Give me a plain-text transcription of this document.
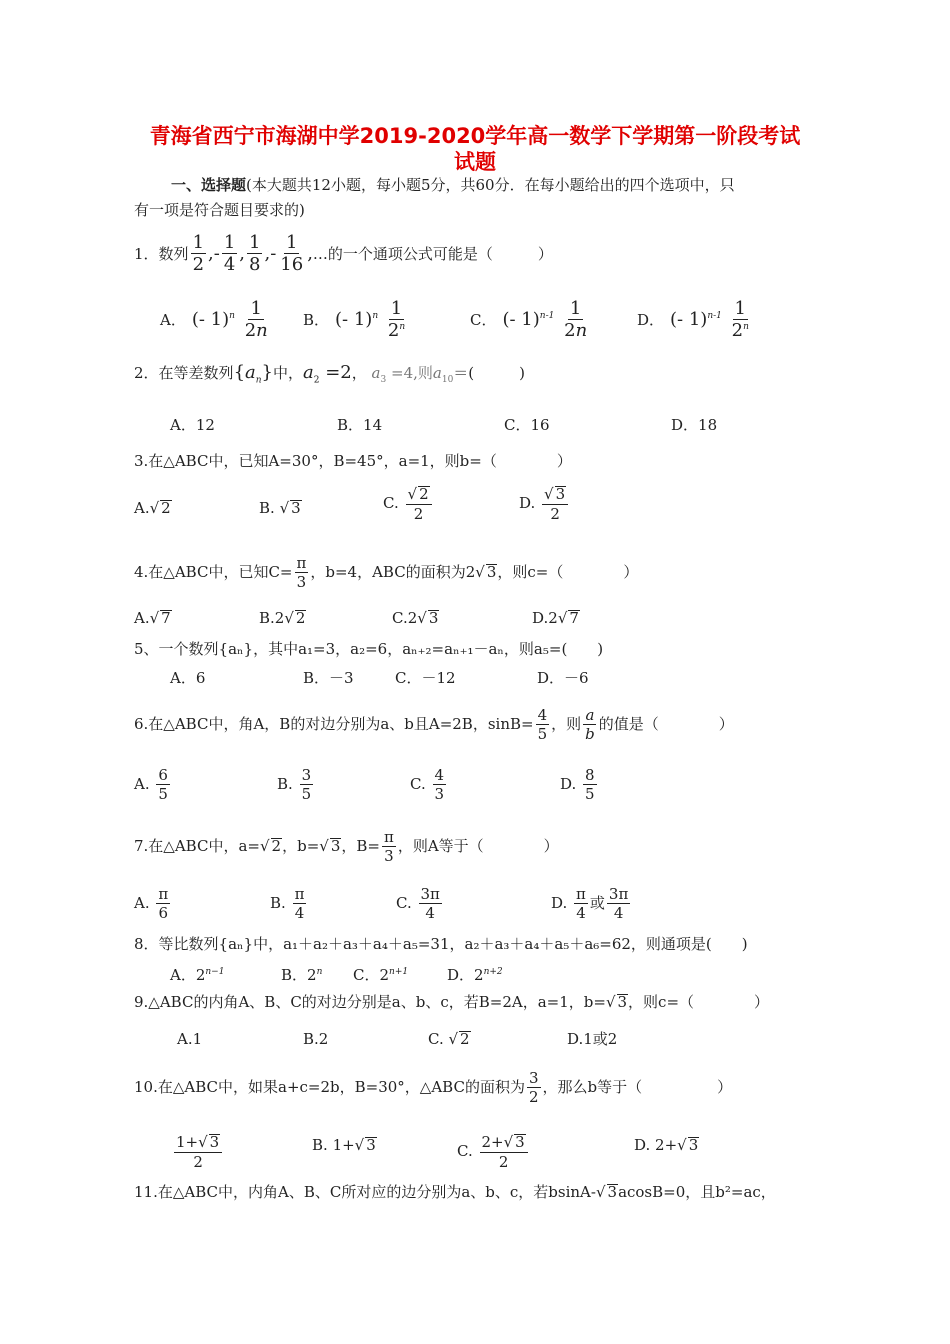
青海省西宁市海湖中学2019-2020学年高一数学下学期第一阶段考试
试题
一、选择题(本大题共12小题，每小题5分，共60分．在每小题给出的四个选项中，只
有一项是符合题目要求的)
1．数列 $\frac{1}{2}$ ,- $\frac{1}{4}$ , $\frac{1}{8}$ ,- $\frac{1}{16}$ ,…的一个通项公式可能是（　　　）
A． (- $1)^n \frac{1}{2n}$ B． (- $1)^n \frac{1}{2^n}$	C． (- $1)^{n-1} \frac{1}{2n}$	D． (- $1)^{n-1} \frac{1}{2^n}$
2．在等差数列$\{a_n\}$中，$a_2 =2$， $a_3 =4$,则$a_{10}=$(　　　)
A．12	B．14	C．16	D．18
3.在△ABC中，已知A=30°，B=45°，a=1，则b=（　　　　）
A.√ 2	B. √ 3	C. $\frac{√ 2}{2}$	D. $\frac{√ 3}{2}$
4.在△ABC中，已知$C= \frac{\pi}{3}$ ，b=4，ABC的面积为2√ 3，则c=（　　　　）
A.√ 7	B.2√ 2	C.2√ 3	D.2√ 7
5、一个数列{aₙ}，其中a₁=3，a₂=6，aₙ₊₂=aₙ₊₁－aₙ，则a₅=(　　)
A．6	B．－3	C．－12	D．－6
6.在△ABC中，角A，B的对边分别为a、b且A=2B，$\sin B= \frac{4}{5}$ ，则 $\frac{a}{b}$ 的值是（　　　　）
A. $\frac{6}{5}$	B. $\frac{3}{5}$	C. $\frac{4}{3}$	D. $\frac{8}{5}$
7.在△ABC中，a=√ 2，b=√ 3，$B= \frac{\pi}{3}$ ，则A等于（　　　　）
A. $\frac{\pi}{6}$	B. $\frac{\pi}{4}$	C. $\frac{3\pi}{4}$	D. $\frac{\pi}{4}$ 或 $\frac{3\pi}{4}$
8．等比数列{aₙ}中，a₁＋a₂＋a₃＋a₄＋a₅=31，a₂＋a₃＋a₄＋a₅＋a₆=62，则通项是(　　)
A．$2^{n-1}$	B．2$^n$ C．$2^{n+1}$	D．$2^{n+2}$
9.△ABC的内角A、B、C的对边分别是a、b、c，若B=2A，a=1，b=√ 3，则c=（　　　　）
A.1	B.2	C. √ 2	D.1或2
10.在△ABC中，如果a+c=2b，B=30°，△ABC的面积为 $\frac{3}{2}$ ，那么b等于（　　　　　）
$\frac{1+√ 3}{2}$	B. 1+√ 3	C. $\frac{2+√ 3}{2}$	D. 2+√ 3
11.在△ABC中，内角A、B、C所对应的边分别为a、b、c，若bsinA-√ 3acosB=0，且b²=ac，
